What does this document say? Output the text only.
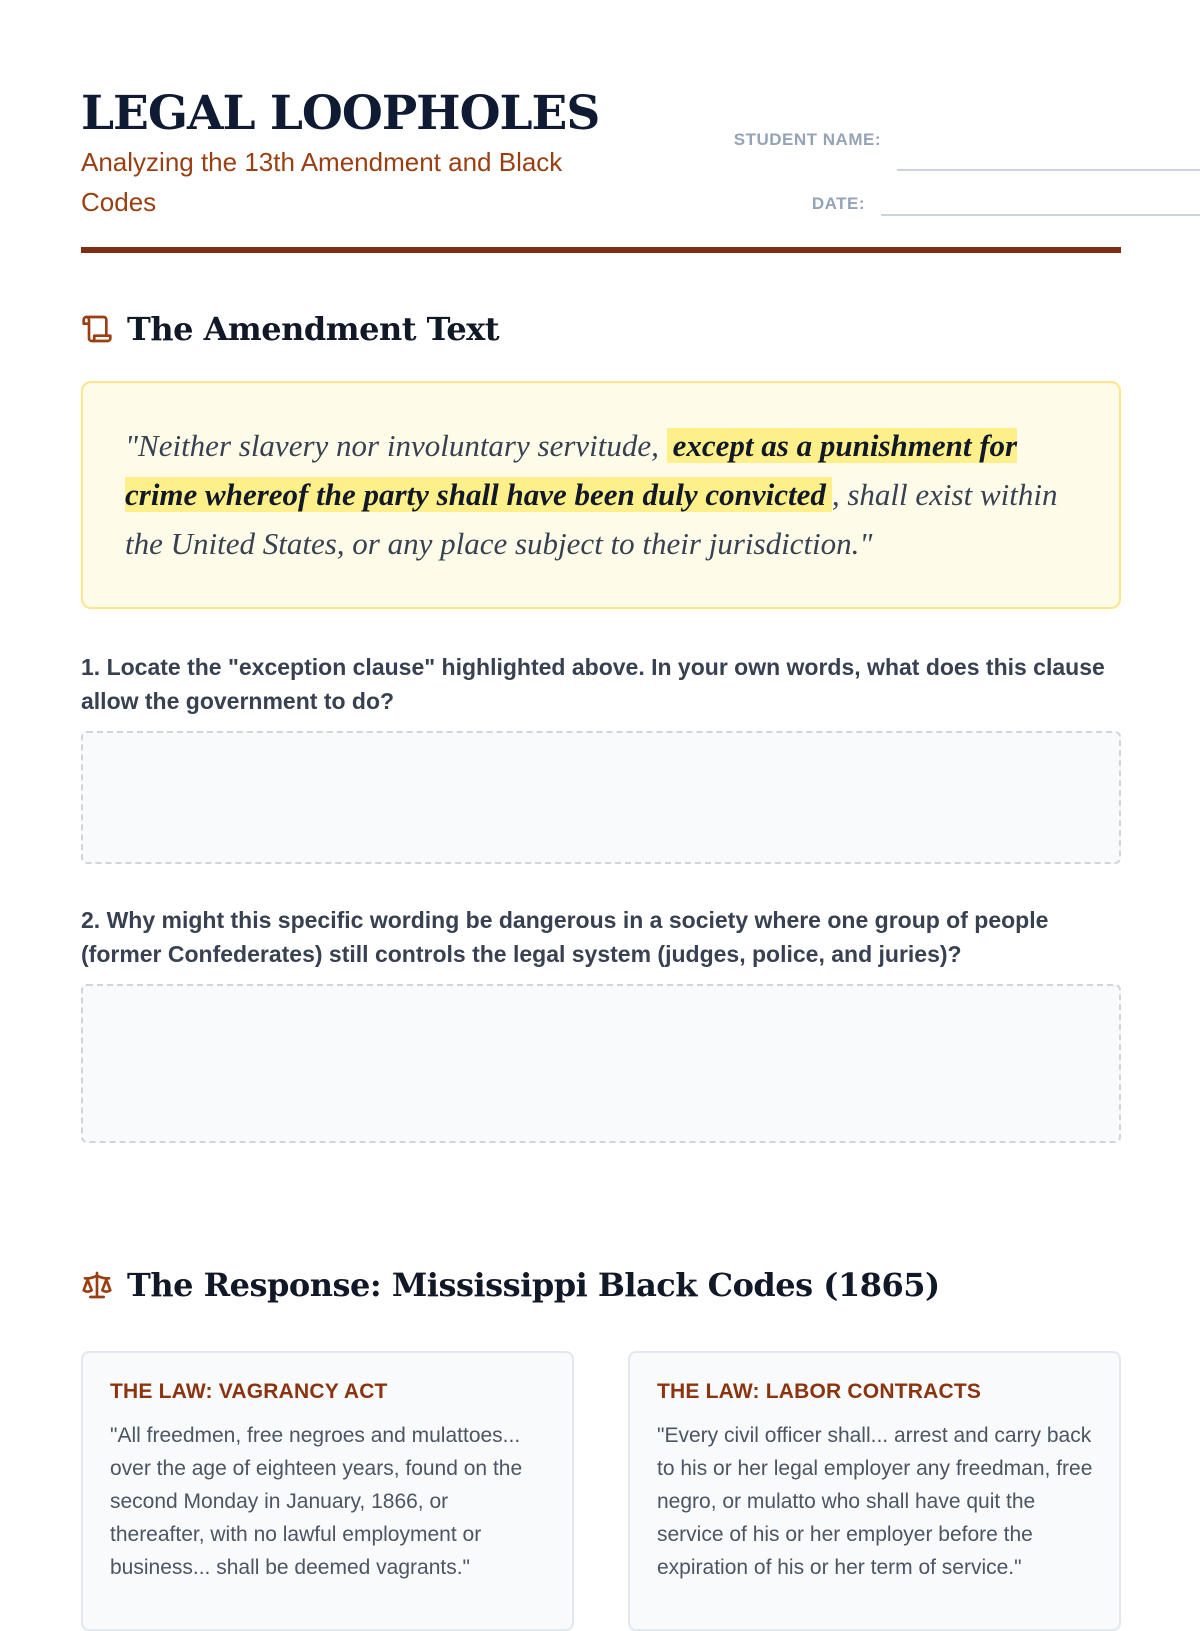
LEGAL LOOPHOLES
Analyzing the 13th Amendment and Black Codes
STUDENT NAME:
DATE:
The Amendment Text

"Neither slavery nor involuntary servitude, except as a punishment for crime whereof the party shall have been duly convicted , shall exist within the United States, or any place subject to their jurisdiction."

1. Locate the "exception clause" highlighted above. In your own words, what does this clause allow the government to do?

2. Why might this specific wording be dangerous in a society where one group of people (former Confederates) still controls the legal system (judges, police, and juries)?

The Response: Mississippi Black Codes (1865)

THE LAW: VAGRANCY ACT

"All freedmen, free negroes and mulattoes... over the age of eighteen years, found on the second Monday in January, 1866, or thereafter, with no lawful employment or business... shall be deemed vagrants."

THE LAW: LABOR CONTRACTS

"Every civil officer shall... arrest and carry back to his or her legal employer any freedman, free negro, or mulatto who shall have quit the service of his or her employer before the expiration of his or her term of service."
